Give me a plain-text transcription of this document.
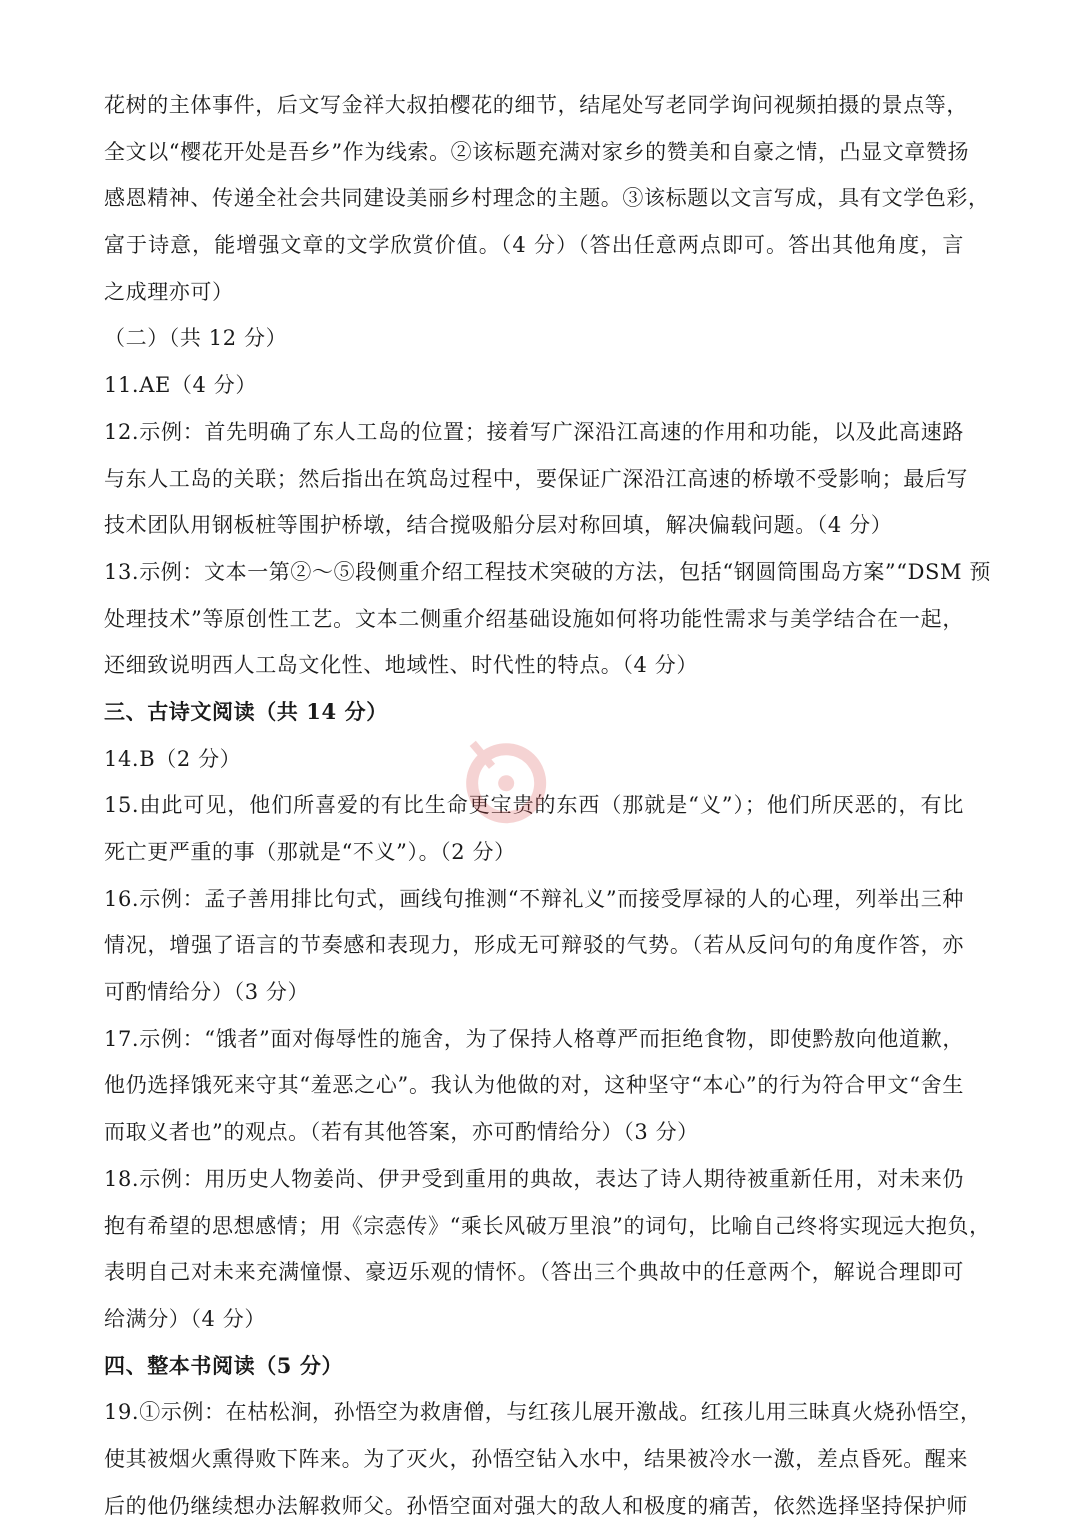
花树的主体事件，后文写金祥大叔拍樱花的细节，结尾处写老同学询问视频拍摄的景点等，
全文以“樱花开处是吾乡”作为线索。②该标题充满对家乡的赞美和自豪之情，凸显文章赞扬
感恩精神、传递全社会共同建设美丽乡村理念的主题。③该标题以文言写成，具有文学色彩，
富于诗意，能增强文章的文学欣赏价值。（4 分）（答出任意两点即可。答出其他角度，言
之成理亦可）
（二）（共 12 分）
11.AE（4 分）
12.示例：首先明确了东人工岛的位置；接着写广深沿江高速的作用和功能，以及此高速路
与东人工岛的关联；然后指出在筑岛过程中，要保证广深沿江高速的桥墩不受影响；最后写
技术团队用钢板桩等围护桥墩，结合搅吸船分层对称回填，解决偏载问题。（4 分）
13.示例：文本一第②～⑤段侧重介绍工程技术突破的方法，包括“钢圆筒围岛方案”“DSM 预
处理技术”等原创性工艺。文本二侧重介绍基础设施如何将功能性需求与美学结合在一起，
还细致说明西人工岛文化性、地域性、时代性的特点。（4 分）
三、古诗文阅读（共 14 分）
14.B（2 分）
15.由此可见，他们所喜爱的有比生命更宝贵的东西（那就是“义”）；他们所厌恶的，有比
死亡更严重的事（那就是“不义”）。（2 分）
16.示例：孟子善用排比句式，画线句推测“不辩礼义”而接受厚禄的人的心理，列举出三种
情况，增强了语言的节奏感和表现力，形成无可辩驳的气势。（若从反问句的角度作答，亦
可酌情给分）（3 分）
17.示例：“饿者”面对侮辱性的施舍，为了保持人格尊严而拒绝食物，即使黔敖向他道歉，
他仍选择饿死来守其“羞恶之心”。我认为他做的对，这种坚守“本心”的行为符合甲文“舍生
而取义者也”的观点。（若有其他答案，亦可酌情给分）（3 分）
18.示例：用历史人物姜尚、伊尹受到重用的典故，表达了诗人期待被重新任用，对未来仍
抱有希望的思想感情；用《宗悫传》“乘长风破万里浪”的词句，比喻自己终将实现远大抱负，
表明自己对未来充满憧憬、豪迈乐观的情怀。（答出三个典故中的任意两个，解说合理即可
给满分）（4 分）
四、整本书阅读（5 分）
19.①示例：在枯松涧，孙悟空为救唐僧，与红孩儿展开激战。红孩儿用三昧真火烧孙悟空，
使其被烟火熏得败下阵来。为了灭火，孙悟空钻入水中，结果被冷水一激，差点昏死。醒来
后的他仍继续想办法解救师父。孙悟空面对强大的敌人和极度的痛苦，依然选择坚持保护师
